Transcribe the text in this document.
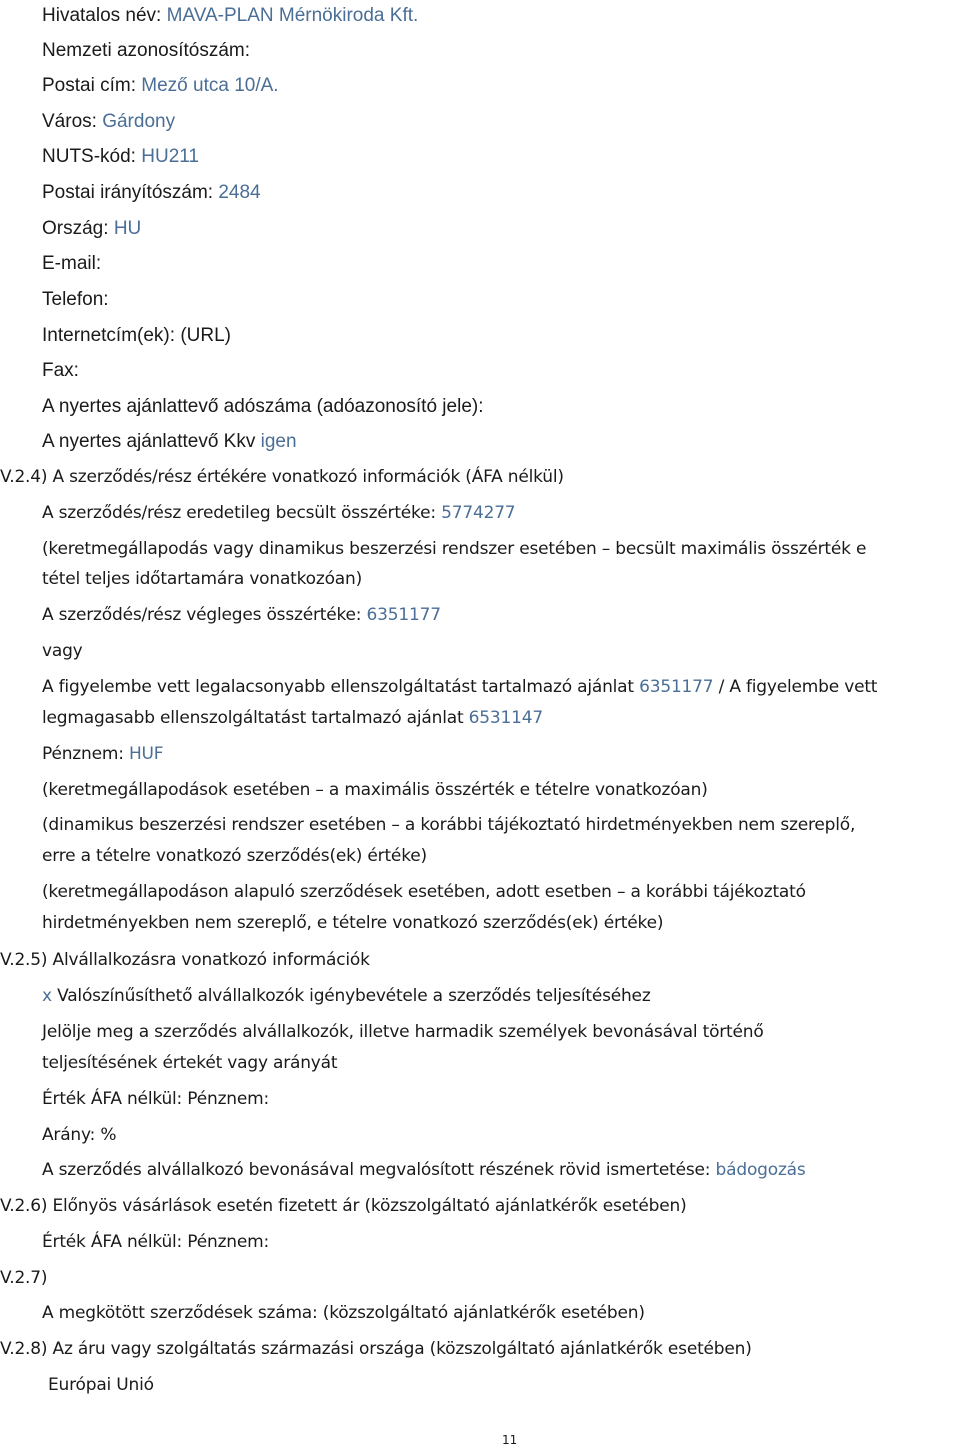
Hivatalos név: MAVA-PLAN Mérnökiroda Kft.
Nemzeti azonosítószám:
Postai cím: Mező utca 10/A.
Város: Gárdony
NUTS-kód: HU211
Postai irányítószám: 2484
Ország: HU
E-mail:
Telefon:
Internetcím(ek): (URL)
Fax:
A nyertes ajánlattevő adószáma (adóazonosító jele):
A nyertes ajánlattevő Kkv igen
V.2.4) A szerződés/rész értékére vonatkozó információk (ÁFA nélkül)
A szerződés/rész eredetileg becsült összértéke: 5774277
(keretmegállapodás vagy dinamikus beszerzési rendszer esetében – becsült maximális összérték e
tétel teljes időtartamára vonatkozóan)
A szerződés/rész végleges összértéke: 6351177
vagy
A figyelembe vett legalacsonyabb ellenszolgáltatást tartalmazó ajánlat 6351177 / A figyelembe vett
legmagasabb ellenszolgáltatást tartalmazó ajánlat 6531147
Pénznem: HUF
(keretmegállapodások esetében – a maximális összérték e tételre vonatkozóan)
(dinamikus beszerzési rendszer esetében – a korábbi tájékoztató hirdetményekben nem szereplő,
erre a tételre vonatkozó szerződés(ek) értéke)
(keretmegállapodáson alapuló szerződések esetében, adott esetben – a korábbi tájékoztató
hirdetményekben nem szereplő, e tételre vonatkozó szerződés(ek) értéke)
V.2.5) Alvállalkozásra vonatkozó információk
x Valószínűsíthető alvállalkozók igénybevétele a szerződés teljesítéséhez
Jelölje meg a szerződés alvállalkozók, illetve harmadik személyek bevonásával történő
teljesítésének értekét vagy arányát
Érték ÁFA nélkül: Pénznem:
Arány: %
A szerződés alvállalkozó bevonásával megvalósított részének rövid ismertetése: bádogozás
V.2.6) Előnyös vásárlások esetén fizetett ár (közszolgáltató ajánlatkérők esetében)
Érték ÁFA nélkül: Pénznem:
V.2.7)
A megkötött szerződések száma: (közszolgáltató ajánlatkérők esetében)
V.2.8) Az áru vagy szolgáltatás származási országa (közszolgáltató ajánlatkérők esetében)
Európai Unió
11
